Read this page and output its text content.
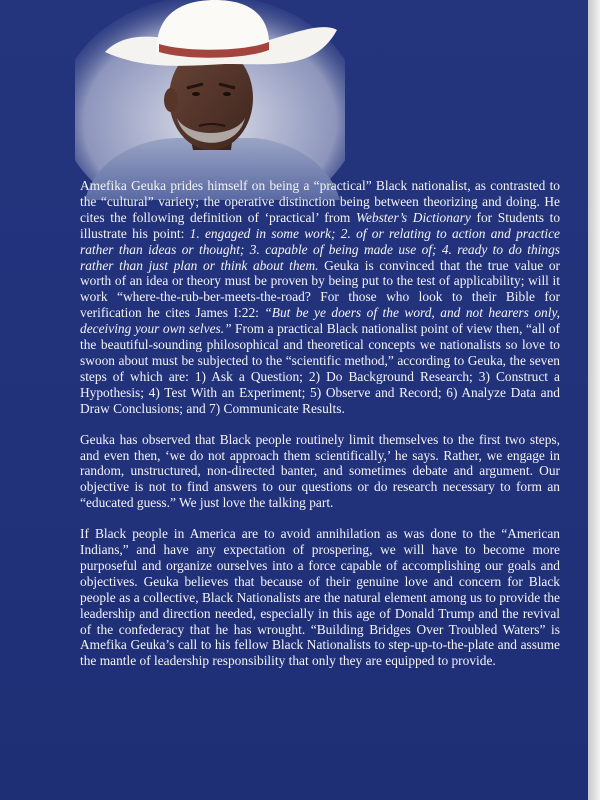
Amefika Geuka prides himself on being a “practical” Black nationalist, as contrasted to the “cultural” variety; the operative distinction being between theorizing and doing. He cites the following definition of ‘practical’ from Webster’s Dictionary for Students to illustrate his point: 1. engaged in some work; 2. of or relating to action and practice rather than ideas or thought; 3. capable of being made use of; 4. ready to do things rather than just plan or think about them. Geuka is convinced that the true value or worth of an idea or theory must be proven by being put to the test of applicability; will it work “where-the-rub-ber-meets-the-road? For those who look to their Bible for verification he cites James I:22: “But be ye doers of the word, and not hearers only, deceiving your own selves.” From a practical Black nationalist point of view then, “all of the beautiful-sounding philosophical and theoretical concepts we nationalists so love to swoon about must be subjected to the “scientific method,” according to Geuka, the seven steps of which are: 1) Ask a Question; 2) Do Background Research; 3) Construct a Hypothesis; 4) Test With an Experiment; 5) Observe and Record; 6) Analyze Data and Draw Conclusions; and 7) Communicate Results.

Geuka has observed that Black people routinely limit themselves to the first two steps, and even then, ‘we do not approach them scientifically,’ he says. Rather, we engage in random, unstructured, non-directed banter, and sometimes debate and argument. Our objective is not to find answers to our questions or do research necessary to form an “educated guess.” We just love the talking part.

If Black people in America are to avoid annihilation as was done to the “American Indians,” and have any expectation of prospering, we will have to become more purposeful and organize ourselves into a force capable of accomplishing our goals and objectives. Geuka believes that because of their genuine love and concern for Black people as a collective, Black Nationalists are the natural element among us to provide the leadership and direction needed, especially in this age of Donald Trump and the revival of the confederacy that he has wrought. “Building Bridges Over Troubled Waters” is Amefika Geuka’s call to his fellow Black Nationalists to step-up-to-the-plate and assume the mantle of leadership responsibility that only they are equipped to provide.
